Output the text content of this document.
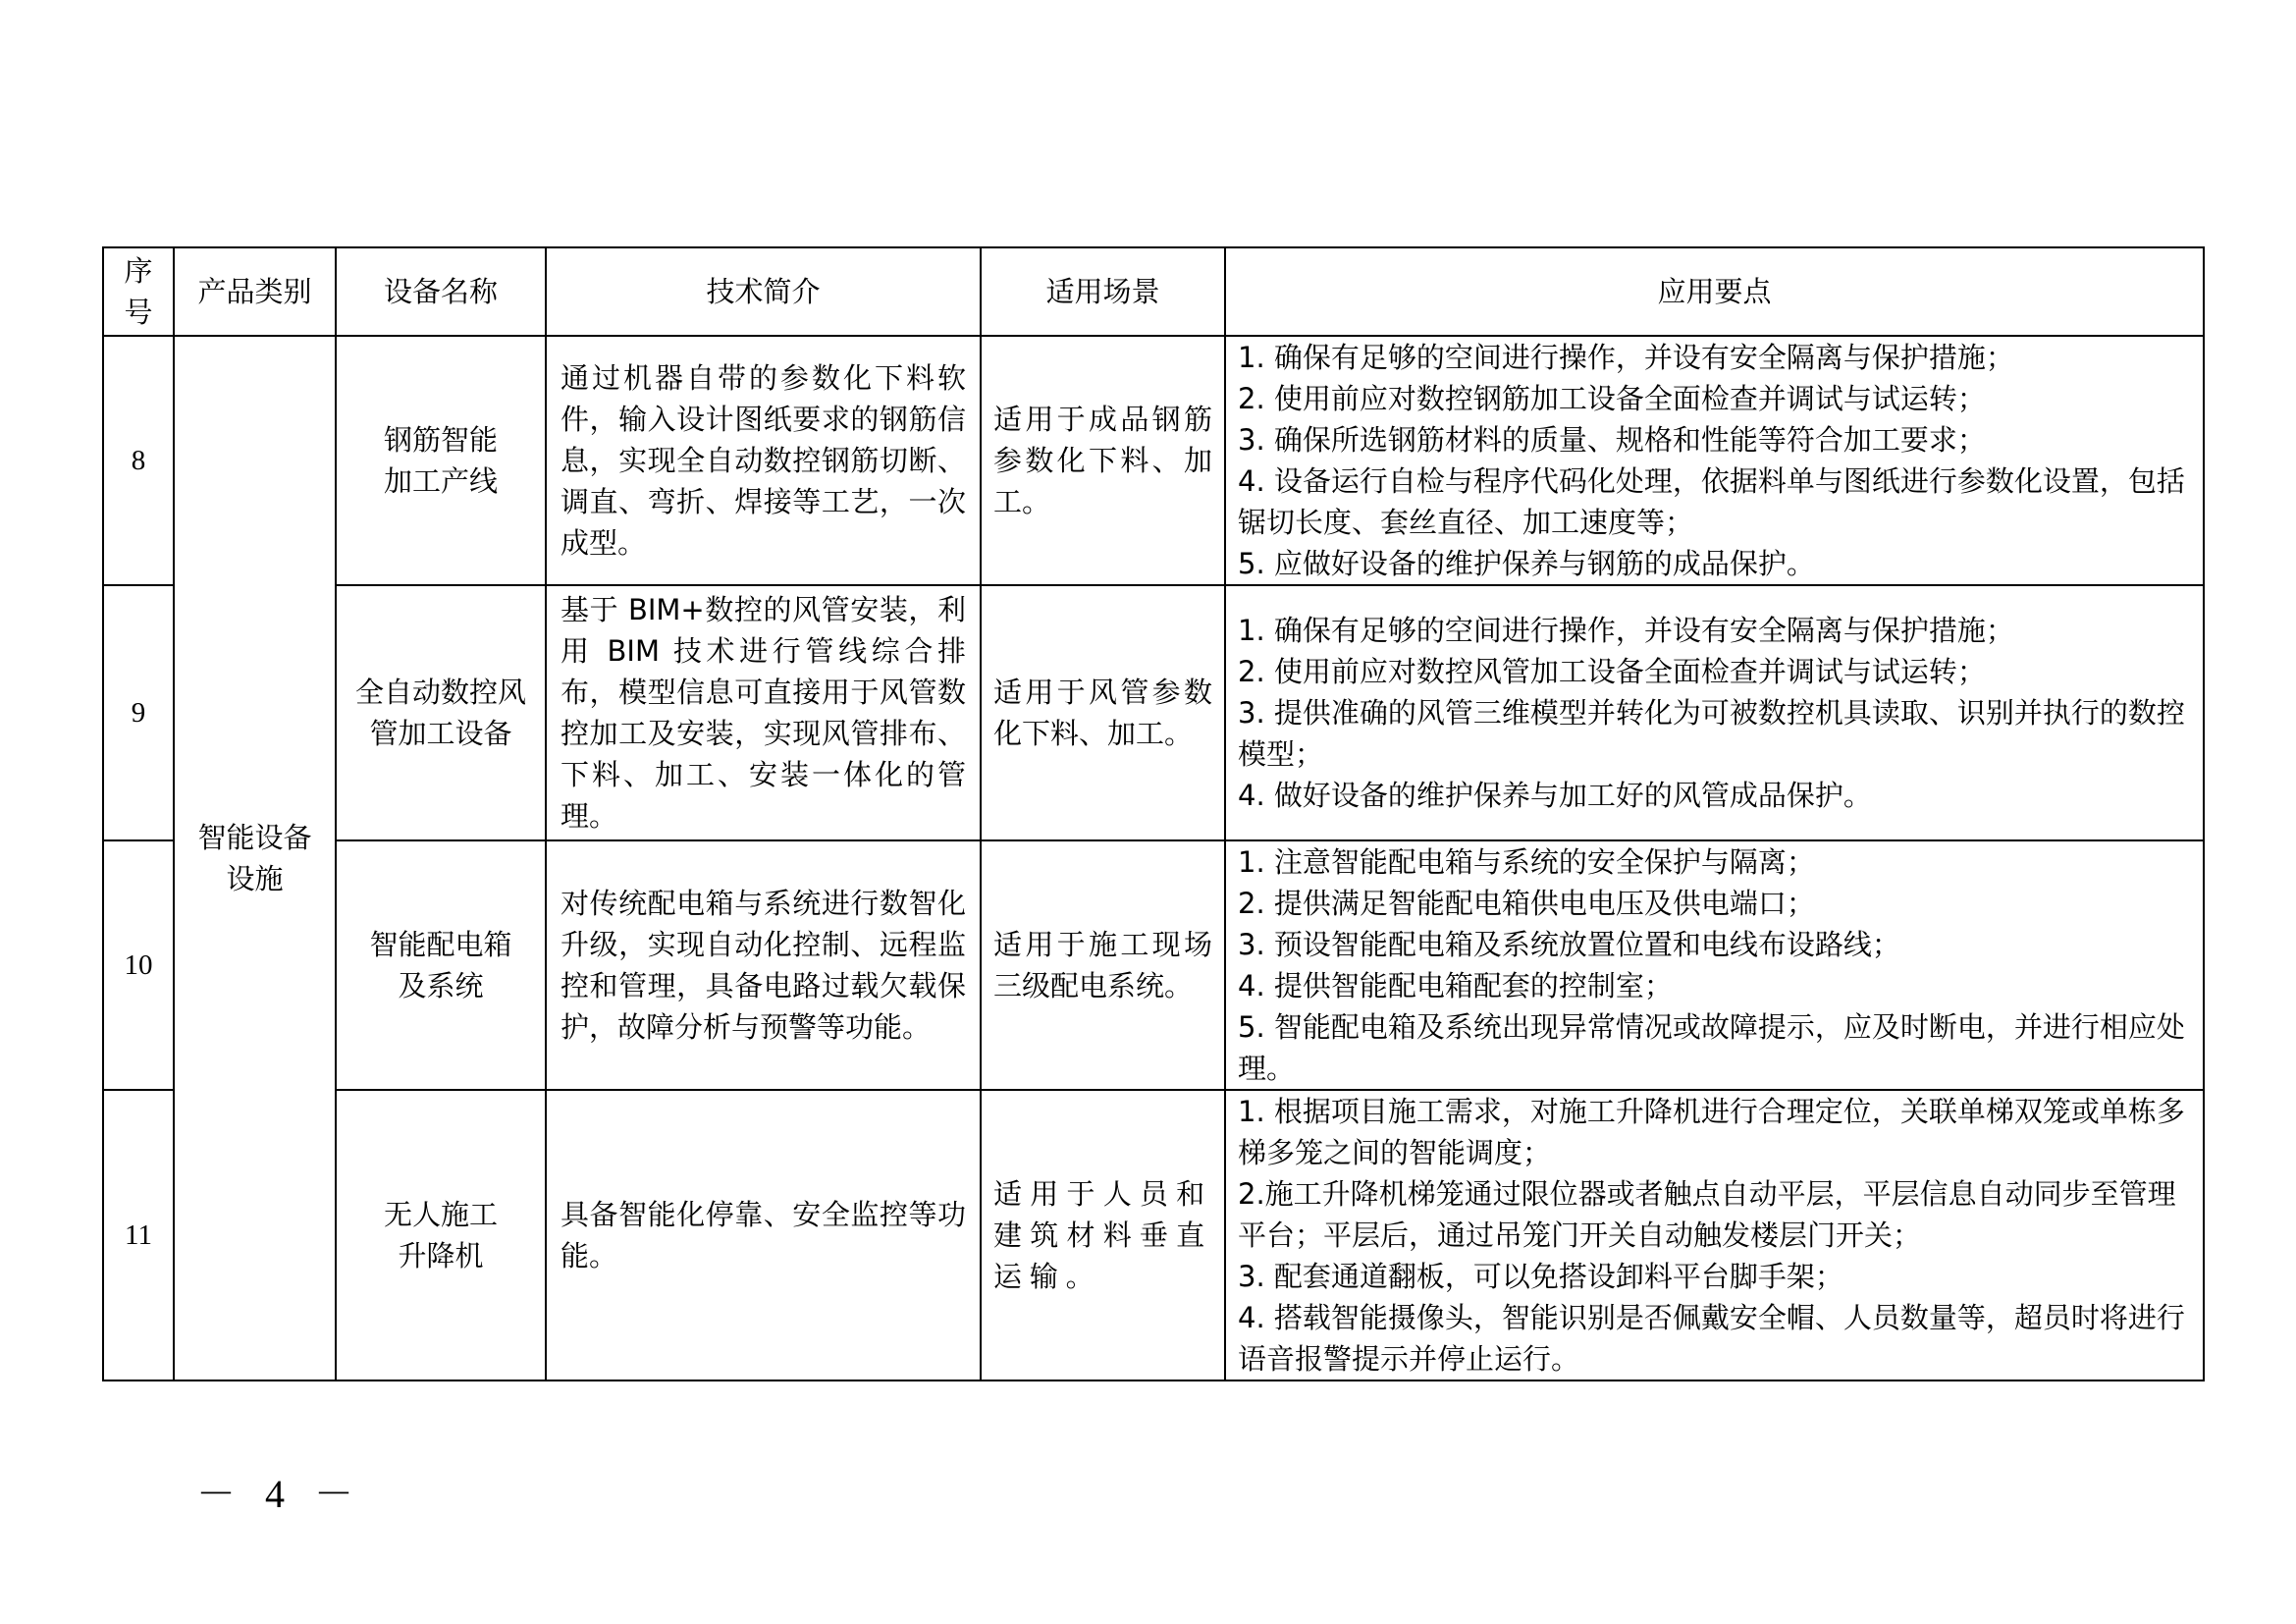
序号	产品类别	设备名称	技术简介	适用场景	应用要点
8	智能设备设施	钢筋智能加工产线	通过机器自带的参数化下料软件，输入设计图纸要求的钢筋信息，实现全自动数控钢筋切断、调直、弯折、焊接等工艺，一次成型。	适用于成品钢筋参数化下料、加工。	1. 确保有足够的空间进行操作，并设有安全隔离与保护措施；
2. 使用前应对数控钢筋加工设备全面检查并调试与试运转；
3. 确保所选钢筋材料的质量、规格和性能等符合加工要求；
4. 设备运行自检与程序代码化处理，依据料单与图纸进行参数化设置，包括锯切长度、套丝直径、加工速度等；
5. 应做好设备的维护保养与钢筋的成品保护。

9		全自动数控风管加工设备	基于 BIM+数控的风管安装，利用 BIM 技术进行管线综合排布，模型信息可直接用于风管数控加工及安装，实现风管排布、下料、加工、安装一体化的管理。	适用于风管参数化下料、加工。	1. 确保有足够的空间进行操作，并设有安全隔离与保护措施；
2. 使用前应对数控风管加工设备全面检查并调试与试运转；
3. 提供准确的风管三维模型并转化为可被数控机具读取、识别并执行的数控模型；
4. 做好设备的维护保养与加工好的风管成品保护。

10		智能配电箱及系统	对传统配电箱与系统进行数智化升级，实现自动化控制、远程监控和管理，具备电路过载欠载保护，故障分析与预警等功能。	适用于施工现场三级配电系统。	1. 注意智能配电箱与系统的安全保护与隔离；
2. 提供满足智能配电箱供电电压及供电端口；
3. 预设智能配电箱及系统放置位置和电线布设路线；
4. 提供智能配电箱配套的控制室；
5. 智能配电箱及系统出现异常情况或故障提示，应及时断电，并进行相应处理。

11		无人施工升降机	具备智能化停靠、安全监控等功能。	适用于人员和建筑材料垂直运输。	1. 根据项目施工需求，对施工升降机进行合理定位，关联单梯双笼或单栋多梯多笼之间的智能调度；
2.施工升降机梯笼通过限位器或者触点自动平层，平层信息自动同步至管理平台；平层后，通过吊笼门开关自动触发楼层门开关；
3. 配套通道翻板，可以免搭设卸料平台脚手架；
4. 搭载智能摄像头，智能识别是否佩戴安全帽、人员数量等，超员时将进行语音报警提示并停止运行。
－ 4 －
